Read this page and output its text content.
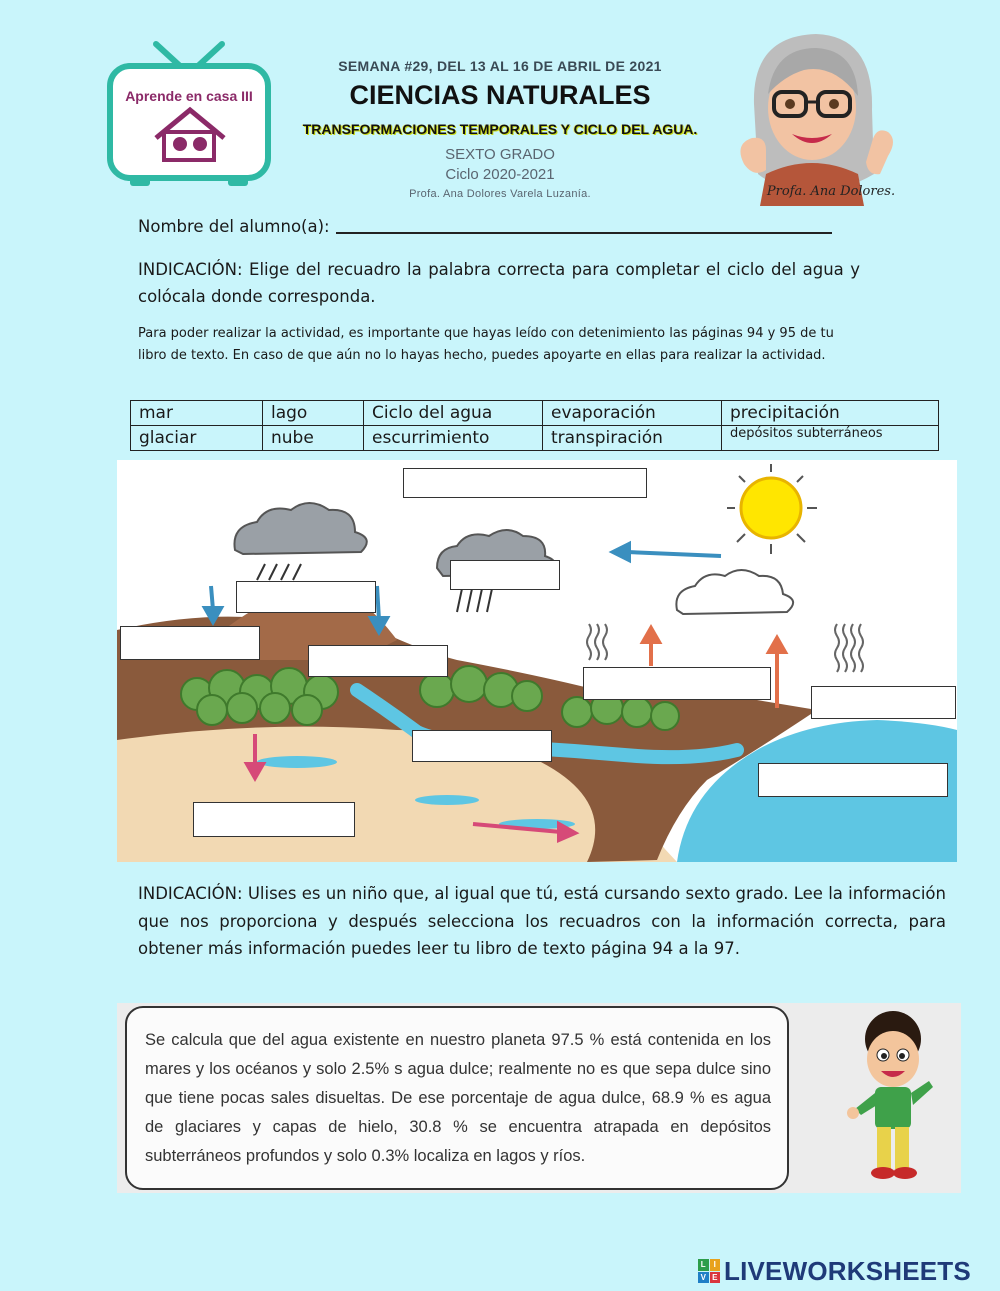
Aprende en casa III
SEMANA #29, DEL 13 AL 16 DE ABRIL DE 2021
CIENCIAS NATURALES
TRANSFORMACIONES TEMPORALES Y CICLO DEL AGUA.
SEXTO GRADO
Ciclo 2020-2021
Profa. Ana Dolores Varela Luzanía.	Profa. Ana Dolores.
Nombre del alumno(a):
INDICACIÓN: Elige del recuadro la palabra correcta para completar el ciclo del agua y colócala donde corresponda.
Para poder realizar la actividad, es importante que hayas leído con detenimiento las páginas 94 y 95 de tu libro de texto. En caso de que aún no lo hayas hecho, puedes apoyarte en ellas para realizar la actividad.
mar	lago	Ciclo del agua	evaporación	precipitación
glaciar	nube	escurrimiento	transpiración	depósitos subterráneos
INDICACIÓN: Ulises es un niño que, al igual que tú, está cursando sexto grado. Lee la información que nos proporciona y después selecciona los recuadros con la información correcta, para obtener más información puedes leer tu libro de texto página 94 a la 97.
Se calcula que del agua existente en nuestro planeta 97.5 % está contenida en los mares y los océanos y solo 2.5% s agua dulce; realmente no es que sepa dulce sino que tiene pocas sales disueltas. De ese porcentaje de agua dulce, 68.9 % es agua de glaciares y capas de hielo, 30.8 % se encuentra atrapada en depósitos subterráneos profundos y solo 0.3% localiza en lagos y ríos.
L I
V E LIVEWORKSHEETS
